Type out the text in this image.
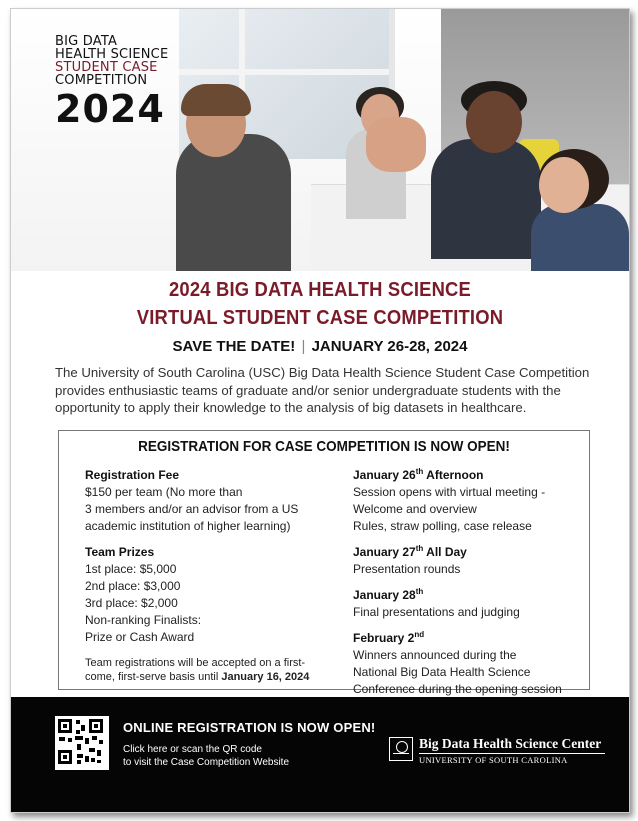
BIG DATA
HEALTH SCIENCE
STUDENT CASE
COMPETITION
2024
2024 BIG DATA HEALTH SCIENCE
VIRTUAL STUDENT CASE COMPETITION
SAVE THE DATE! | JANUARY 26-28, 2024
The University of South Carolina (USC) Big Data Health Science Student Case Competition provides enthusiastic teams of graduate and/or senior undergraduate students with the opportunity to apply their knowledge to the analysis of big datasets in healthcare.
REGISTRATION FOR CASE COMPETITION IS NOW OPEN!
Registration Fee
$150 per team (No more than
3 members and/or an advisor from a US
academic institution of higher learning)
Team Prizes
1st place: $5,000
2nd place: $3,000
3rd place: $2,000
Non-ranking Finalists:
Prize or Cash Award
Team registrations will be accepted on a first-
come, first-serve basis until January 16, 2024
January 26th Afternoon
Session opens with virtual meeting -
Welcome and overview
Rules, straw polling, case release
January 27th All Day
Presentation rounds
January 28th
Final presentations and judging
February 2nd
Winners announced during the
National Big Data Health Science
Conference during the opening session
ONLINE REGISTRATION IS NOW OPEN!
Click here or scan the QR code
to visit the Case Competition Website
Big Data Health Science Center
UNIVERSITY OF SOUTH CAROLINA
